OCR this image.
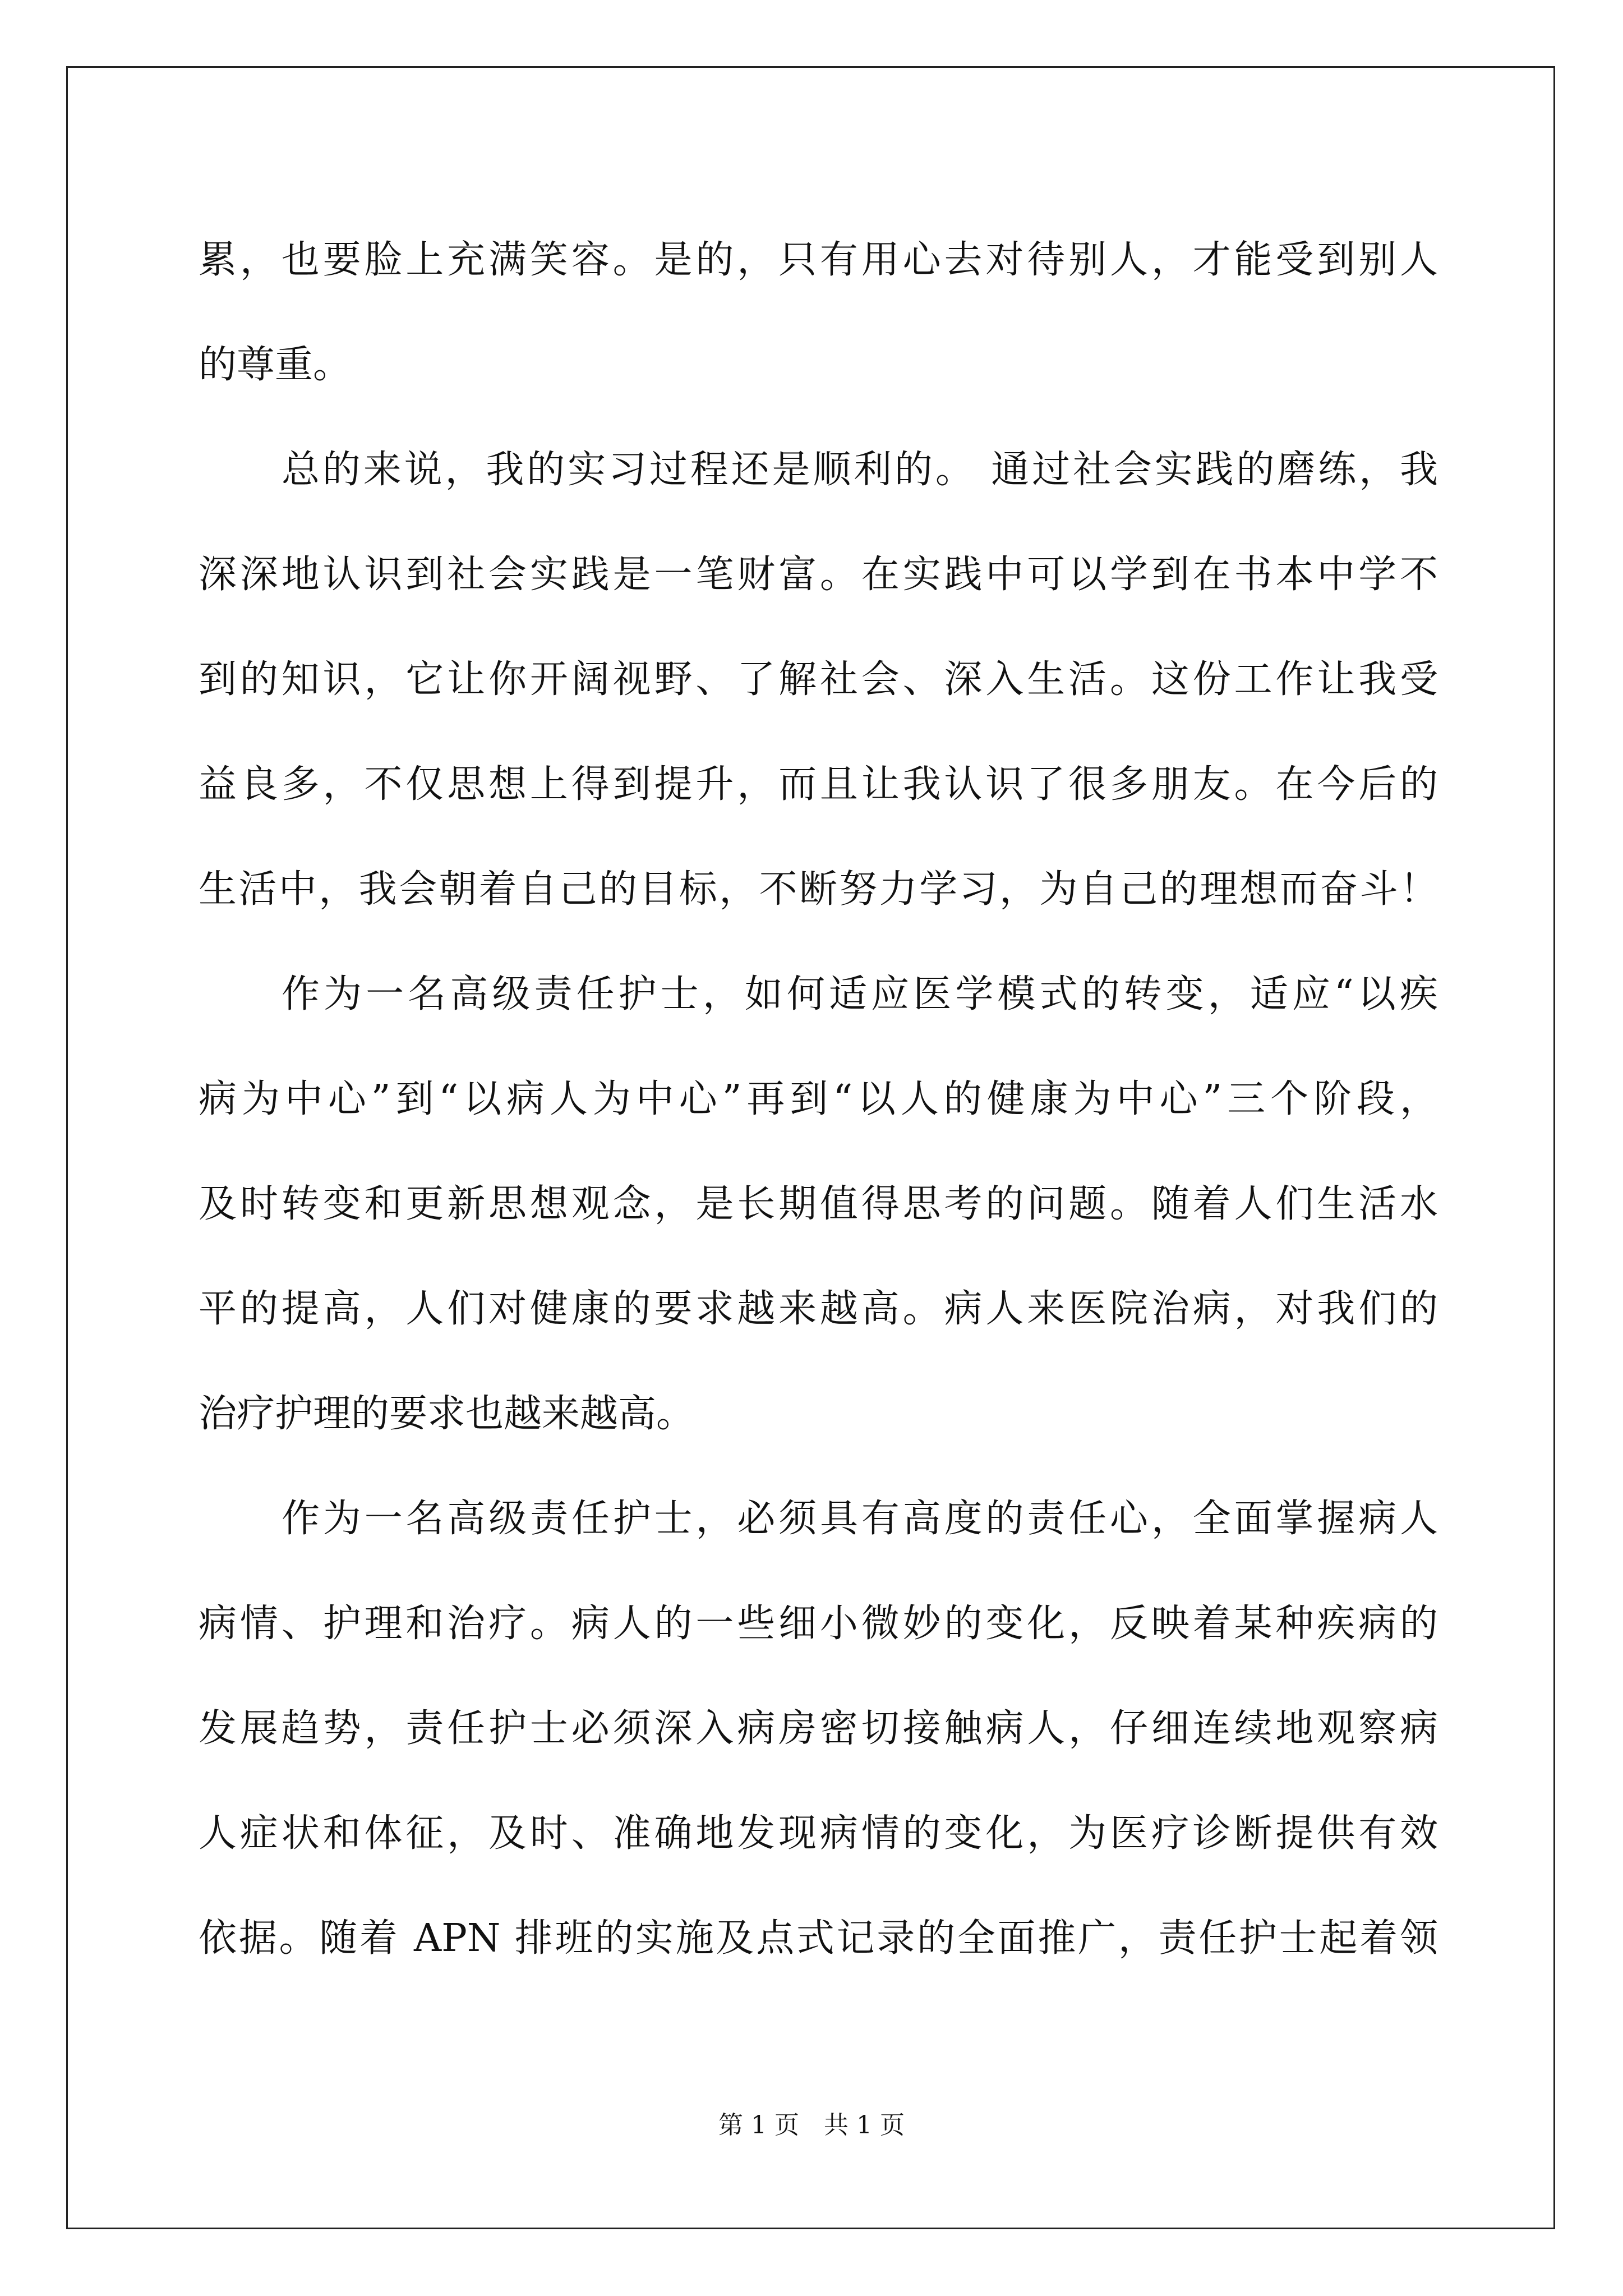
累，也要脸上充满笑容。是的，只有用心去对待别人，才能受到别人
的尊重。
总的来说，我的实习过程还是顺利的。 通过社会实践的磨练，我
深深地认识到社会实践是一笔财富。在实践中可以学到在书本中学不
到的知识，它让你开阔视野、了解社会、深入生活。这份工作让我受
益良多，不仅思想上得到提升，而且让我认识了很多朋友。在今后的
生活中，我会朝着自己的目标，不断努力学习，为自己的理想而奋斗！
作为一名高级责任护士，如何适应医学模式的转变，适应“以疾
病为中心”到“以病人为中心”再到“以人的健康为中心”三个阶段，
及时转变和更新思想观念，是长期值得思考的问题。随着人们生活水
平的提高，人们对健康的要求越来越高。病人来医院治病，对我们的
治疗护理的要求也越来越高。
作为一名高级责任护士，必须具有高度的责任心，全面掌握病人
病情、护理和治疗。病人的一些细小微妙的变化，反映着某种疾病的
发展趋势，责任护士必须深入病房密切接触病人，仔细连续地观察病
人症状和体征，及时、准确地发现病情的变化，为医疗诊断提供有效
依据。随着 APN 排班的实施及点式记录的全面推广，责任护士起着领
第 1 页　共 1 页
